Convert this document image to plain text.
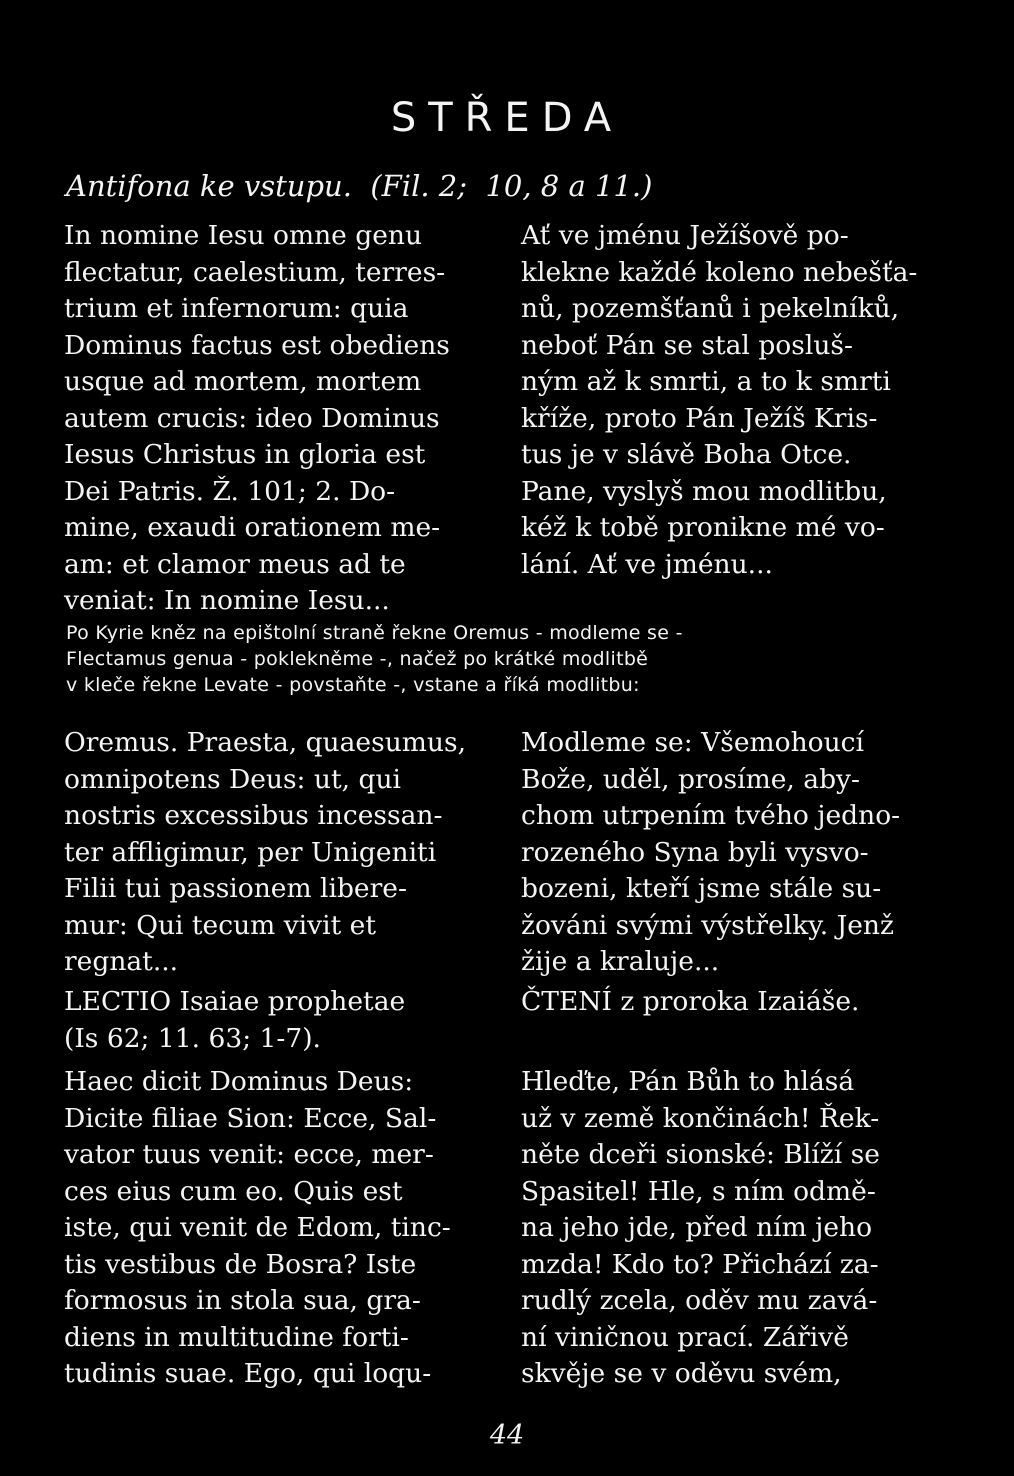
STŘEDA
Antifona ke vstupu.  (Fil. 2;  10, 8 a 11.)
In nomine Iesu omne genu
flectatur, caelestium, terres-
trium et infernorum: quia
Dominus factus est obediens
usque ad mortem, mortem
autem crucis: ideo Dominus
Iesus Christus in gloria est
Dei Patris. Ž. 101; 2. Do-
mine, exaudi orationem me-
am: et clamor meus ad te
veniat: In nomine Iesu...
Ať ve jménu Ježíšově po-
klekne každé koleno nebešťa-
nů, pozemšťanů i pekelníků,
neboť Pán se stal posluš-
ným až k smrti, a to k smrti
kříže, proto Pán Ježíš Kris-
tus je v slávě Boha Otce.
Pane, vyslyš mou modlitbu,
kéž k tobě pronikne mé vo-
lání. Ať ve jménu...
Po Kyrie kněz na epištolní straně řekne Oremus - modleme se -
Flectamus genua - poklekněme -, načež po krátké modlitbě
v kleče řekne Levate - povstaňte -, vstane a říká modlitbu:
Oremus. Praesta, quaesumus,
omnipotens Deus: ut, qui
nostris excessibus incessan-
ter affligimur, per Unigeniti
Filii tui passionem libere-
mur: Qui tecum vivit et
regnat...
Modleme se: Všemohoucí
Bože, uděl, prosíme, aby-
chom utrpením tvého jedno-
rozeného Syna byli vysvo-
bozeni, kteří jsme stále su-
žováni svými výstřelky. Jenž
žije a kraluje...
LECTIO Isaiae prophetae
(Is 62; 11. 63; 1-7).
ČTENÍ z proroka Izaiáše.
Haec dicit Dominus Deus:
Dicite filiae Sion: Ecce, Sal-
vator tuus venit: ecce, mer-
ces eius cum eo. Quis est
iste, qui venit de Edom, tinc-
tis vestibus de Bosra? Iste
formosus in stola sua, gra-
diens in multitudine forti-
tudinis suae. Ego, qui loqu-
Hleďte, Pán Bůh to hlásá
už v země končinách! Řek-
něte dceři sionské: Blíží se
Spasitel! Hle, s ním odmě-
na jeho jde, před ním jeho
mzda! Kdo to? Přichází za-
rudlý zcela, oděv mu zavá-
ní viničnou prací. Zářivě
skvěje se v oděvu svém,
44
